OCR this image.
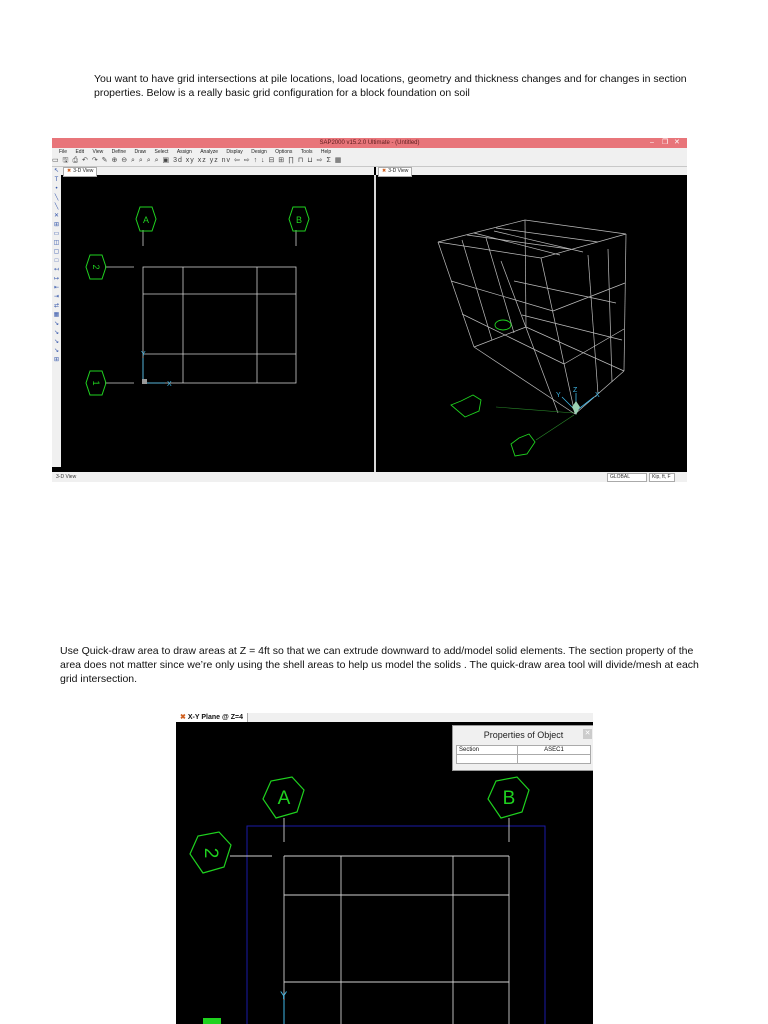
You want to have grid intersections at pile locations, load locations, geometry and thickness changes and for changes in section properties. Below is a really basic grid configuration for a block foundation on soil
SAP2000 v15.2.0 Ultimate - (Untitled)	– ❐ ✕
File Edit View Define Draw Select Assign Analyze Display Design Options Tools Help
▭ 🖫 ⎙ ↶ ↷ ✎ ⊕ ⊖ ⌕ ⌕ ⌕ ⌕ ▣ 3d xy xz yz nv ⇦ ⇨ ↑ ↓ ⊟ ⊞ ∏ ⊓ ⊔ ⇨ Σ ▦
↖
T
•
╲
╲
✕
⊞
▭
◫
▢
□
↤
↦
⇤
⇥
⇄
▦
↘
↘
↘
↘
⊞
✖ 3-D View	✖ 3-D View
A	B
2
1
Y
X
Y
Z
X
3-D View	GLOBAL	Kip, ft, F
Use Quick-draw area to draw areas at Z = 4ft so that we can extrude downward to add/model solid elements. The section property of the area does not matter since we’re only using the shell areas to help us model the solids . The quick-draw area tool will divide/mesh at each grid intersection.
✖ X-Y Plane @ Z=4
A	B
2
Y
Properties of Object	✕
Section	ASEC1
